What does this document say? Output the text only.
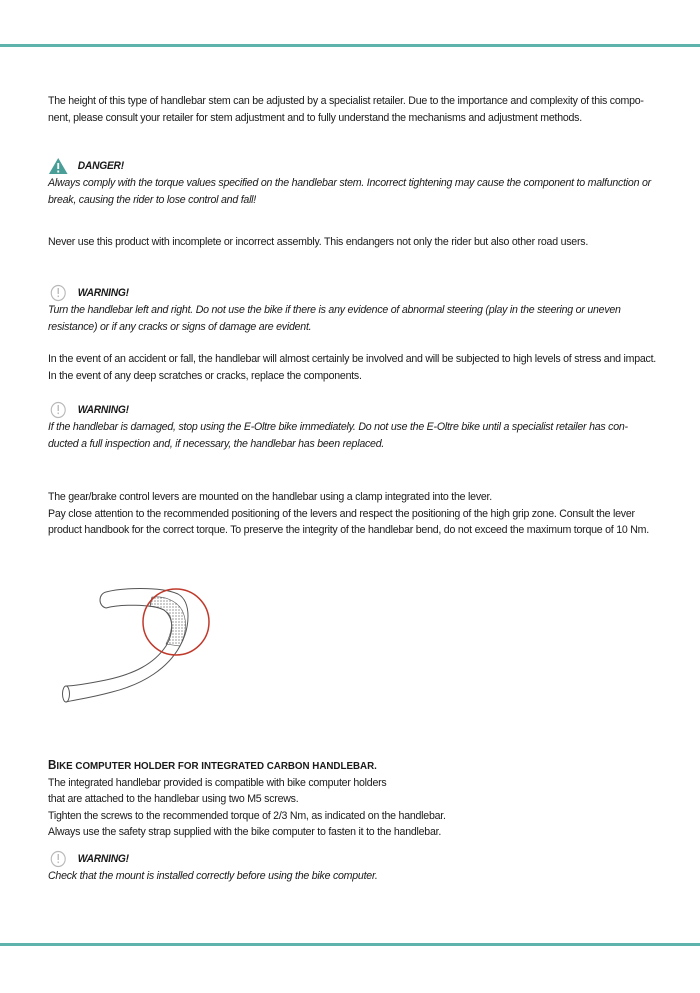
The height of this type of handlebar stem can be adjusted by a specialist retailer. Due to the importance and complexity of this compo- nent, please consult your retailer for stem adjustment and to fully understand the mechanisms and adjustment methods.

DANGER!

Always comply with the torque values specified on the handlebar stem. Incorrect tightening may cause the component to malfunction or break, causing the rider to lose control and fall!

Never use this product with incomplete or incorrect assembly. This endangers not only the rider but also other road users.

WARNING!

Turn the handlebar left and right. Do not use the bike if there is any evidence of abnormal steering (play in the steering or uneven resistance) or if any cracks or signs of damage are evident.

In the event of an accident or fall, the handlebar will almost certainly be involved and will be subjected to high levels of stress and impact. In the event of any deep scratches or cracks, replace the components.

WARNING!

If the handlebar is damaged, stop using the E-Oltre bike immediately. Do not use the E-Oltre bike until a specialist retailer has con- ducted a full inspection and, if necessary, the handlebar has been replaced.

The gear/brake control levers are mounted on the handlebar using a clamp integrated into the lever.

Pay close attention to the recommended positioning of the levers and respect the positioning of the high grip zone. Consult the lever product handbook for the correct torque. To preserve the integrity of the handlebar bend, do not exceed the maximum torque of 10 Nm.

BIKE COMPUTER HOLDER FOR INTEGRATED CARBON HANDLEBAR.

The integrated handlebar provided is compatible with bike computer holders

that are attached to the handlebar using two M5 screws.

Tighten the screws to the recommended torque of 2/3 Nm, as indicated on the handlebar.

Always use the safety strap supplied with the bike computer to fasten it to the handlebar.

WARNING!

Check that the mount is installed correctly before using the bike computer.
